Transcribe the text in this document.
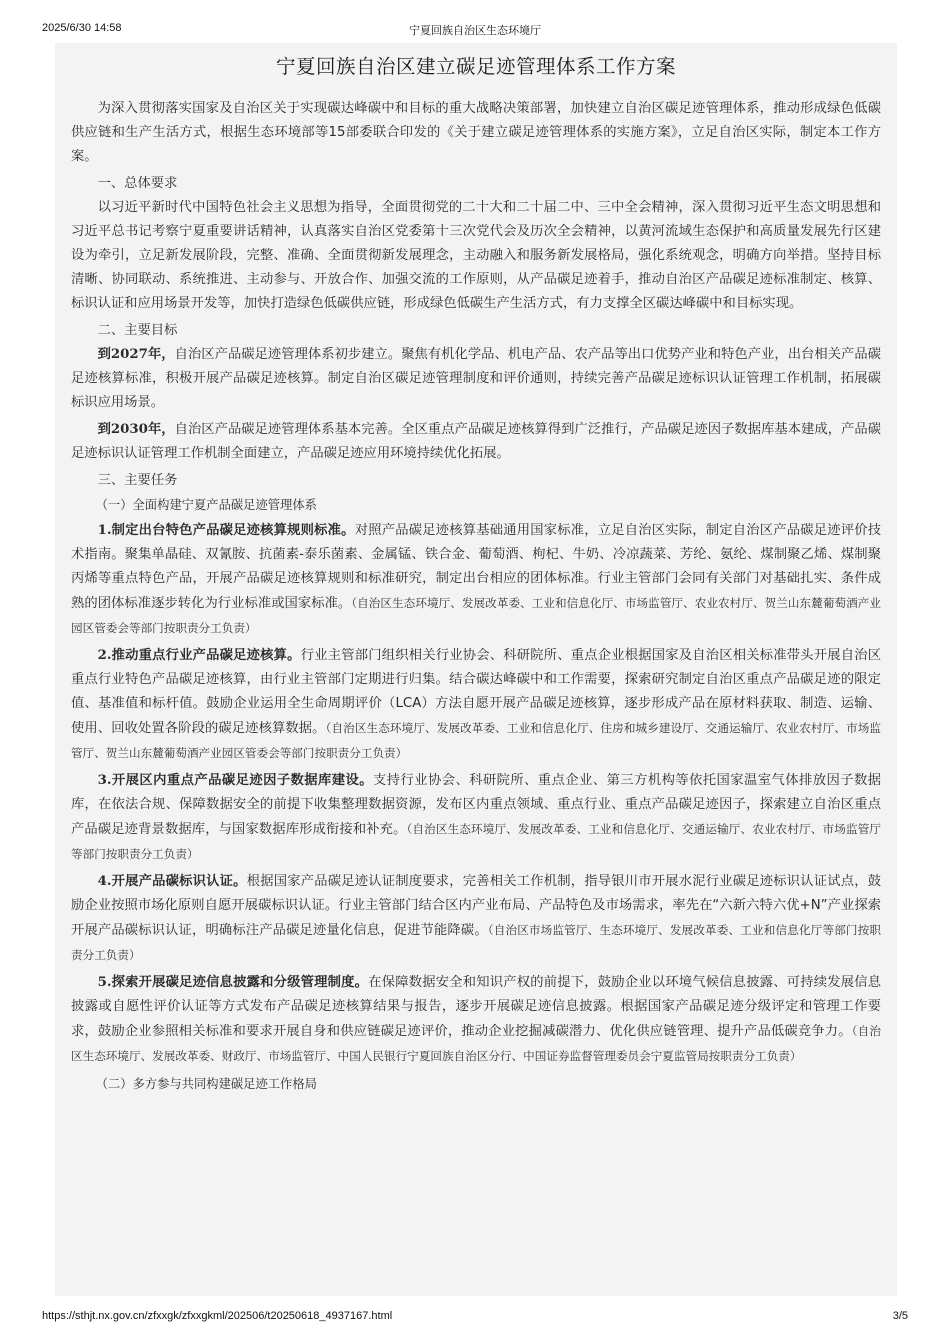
2025/6/30 14:58	宁夏回族自治区生态环境厅
宁夏回族自治区建立碳足迹管理体系工作方案

为深入贯彻落实国家及自治区关于实现碳达峰碳中和目标的重大战略决策部署，加快建立自治区碳足迹管理体系，推动形成绿色低碳供应链和生产生活方式，根据生态环境部等15部委联合印发的《关于建立碳足迹管理体系的实施方案》，立足自治区实际，制定本工作方案。

一、总体要求

以习近平新时代中国特色社会主义思想为指导，全面贯彻党的二十大和二十届二中、三中全会精神，深入贯彻习近平生态文明思想和习近平总书记考察宁夏重要讲话精神，认真落实自治区党委第十三次党代会及历次全会精神，以黄河流域生态保护和高质量发展先行区建设为牵引，立足新发展阶段，完整、准确、全面贯彻新发展理念，主动融入和服务新发展格局，强化系统观念，明确方向举措。坚持目标清晰、协同联动、系统推进、主动参与、开放合作、加强交流的工作原则，从产品碳足迹着手，推动自治区产品碳足迹标准制定、核算、标识认证和应用场景开发等，加快打造绿色低碳供应链，形成绿色低碳生产生活方式，有力支撑全区碳达峰碳中和目标实现。

二、主要目标

到2027年，自治区产品碳足迹管理体系初步建立。聚焦有机化学品、机电产品、农产品等出口优势产业和特色产业，出台相关产品碳足迹核算标准，积极开展产品碳足迹核算。制定自治区碳足迹管理制度和评价通则，持续完善产品碳足迹标识认证管理工作机制，拓展碳标识应用场景。

到2030年，自治区产品碳足迹管理体系基本完善。全区重点产品碳足迹核算得到广泛推行，产品碳足迹因子数据库基本建成，产品碳足迹标识认证管理工作机制全面建立，产品碳足迹应用环境持续优化拓展。

三、主要任务

（一）全面构建宁夏产品碳足迹管理体系

1.制定出台特色产品碳足迹核算规则标准。对照产品碳足迹核算基础通用国家标准，立足自治区实际，制定自治区产品碳足迹评价技术指南。聚集单晶硅、双氰胺、抗菌素-泰乐菌素、金属锰、铁合金、葡萄酒、枸杞、牛奶、冷凉蔬菜、芳纶、氨纶、煤制聚乙烯、煤制聚丙烯等重点特色产品，开展产品碳足迹核算规则和标准研究，制定出台相应的团体标准。行业主管部门会同有关部门对基础扎实、条件成熟的团体标准逐步转化为行业标准或国家标准。（自治区生态环境厅、发展改革委、工业和信息化厅、市场监管厅、农业农村厅、贺兰山东麓葡萄酒产业园区管委会等部门按职责分工负责）

2.推动重点行业产品碳足迹核算。行业主管部门组织相关行业协会、科研院所、重点企业根据国家及自治区相关标准带头开展自治区重点行业特色产品碳足迹核算，由行业主管部门定期进行归集。结合碳达峰碳中和工作需要，探索研究制定自治区重点产品碳足迹的限定值、基准值和标杆值。鼓励企业运用全生命周期评价（LCA）方法自愿开展产品碳足迹核算，逐步形成产品在原材料获取、制造、运输、使用、回收处置各阶段的碳足迹核算数据。（自治区生态环境厅、发展改革委、工业和信息化厅、住房和城乡建设厅、交通运输厅、农业农村厅、市场监管厅、贺兰山东麓葡萄酒产业园区管委会等部门按职责分工负责）

3.开展区内重点产品碳足迹因子数据库建设。支持行业协会、科研院所、重点企业、第三方机构等依托国家温室气体排放因子数据库，在依法合规、保障数据安全的前提下收集整理数据资源，发布区内重点领域、重点行业、重点产品碳足迹因子，探索建立自治区重点产品碳足迹背景数据库，与国家数据库形成衔接和补充。（自治区生态环境厅、发展改革委、工业和信息化厅、交通运输厅、农业农村厅、市场监管厅等部门按职责分工负责）

4.开展产品碳标识认证。根据国家产品碳足迹认证制度要求，完善相关工作机制，指导银川市开展水泥行业碳足迹标识认证试点，鼓励企业按照市场化原则自愿开展碳标识认证。行业主管部门结合区内产业布局、产品特色及市场需求，率先在“六新六特六优+N”产业探索开展产品碳标识认证，明确标注产品碳足迹量化信息，促进节能降碳。（自治区市场监管厅、生态环境厅、发展改革委、工业和信息化厅等部门按职责分工负责）

5.探索开展碳足迹信息披露和分级管理制度。在保障数据安全和知识产权的前提下，鼓励企业以环境气候信息披露、可持续发展信息披露或自愿性评价认证等方式发布产品碳足迹核算结果与报告，逐步开展碳足迹信息披露。根据国家产品碳足迹分级评定和管理工作要求，鼓励企业参照相关标准和要求开展自身和供应链碳足迹评价，推动企业挖掘减碳潜力、优化供应链管理、提升产品低碳竞争力。（自治区生态环境厅、发展改革委、财政厅、市场监管厅、中国人民银行宁夏回族自治区分行、中国证券监督管理委员会宁夏监管局按职责分工负责）

（二）多方参与共同构建碳足迹工作格局

https://sthjt.nx.gov.cn/zfxxgk/zfxxgkml/202506/t20250618_4937167.html	3/5
